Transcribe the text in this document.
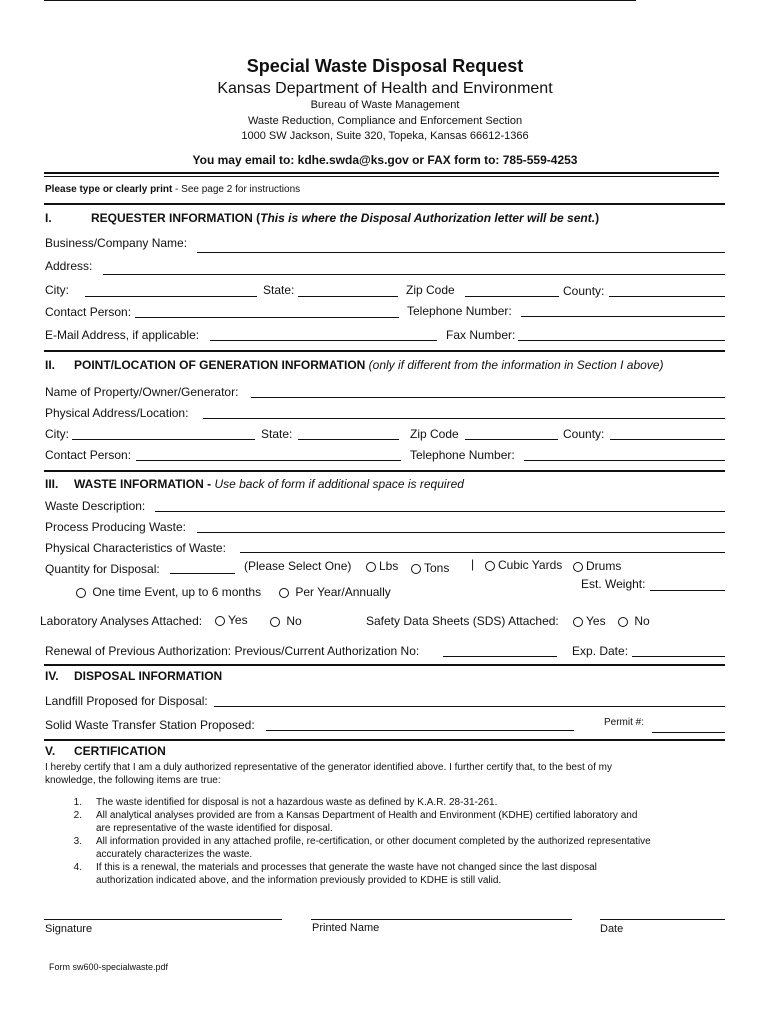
Special Waste Disposal Request
Kansas Department of Health and Environment
Bureau of Waste Management
Waste Reduction, Compliance and Enforcement Section
1000 SW Jackson, Suite 320, Topeka, Kansas 66612-1366
You may email to: kdhe.swda@ks.gov or FAX form to: 785-559-4253
Please type or clearly print - See page 2 for instructions
I.	REQUESTER INFORMATION (This is where the Disposal Authorization letter will be sent.)
Business/Company Name:
Address:
City:	State:	Zip Code	County:
Contact Person:	Telephone Number:
E-Mail Address, if applicable:	Fax Number:
II. POINT/LOCATION OF GENERATION INFORMATION (only if different from the information in Section I above)
Name of Property/Owner/Generator:
Physical Address/Location:
City:	State:	Zip Code	County:
Contact Person:	Telephone Number:
III. WASTE INFORMATION - Use back of form if additional space is required
Waste Description:
Process Producing Waste:
Physical Characteristics of Waste:
Quantity for Disposal:	(Please Select One)	Lbs	Tons |	Cubic Yards	Drums
Est. Weight:
One time Event, up to 6 months	Per Year/Annually
Laboratory Analyses Attached:	Yes	No	Safety Data Sheets (SDS) Attached:	Yes	No
Renewal of Previous Authorization: Previous/Current Authorization No:	Exp. Date:
IV. DISPOSAL INFORMATION
Landfill Proposed for Disposal:
Solid Waste Transfer Station Proposed:	Permit #:
V. CERTIFICATION
I hereby certify that I am a duly authorized representative of the generator identified above. I further certify that, to the best of my
knowledge, the following items are true:
1. The waste identified for disposal is not a hazardous waste as defined by K.A.R. 28-31-261.
2. All analytical analyses provided are from a Kansas Department of Health and Environment (KDHE) certified laboratory and
are representative of the waste identified for disposal.
3. All information provided in any attached profile, re-certification, or other document completed by the authorized representative
accurately characterizes the waste.
4. If this is a renewal, the materials and processes that generate the waste have not changed since the last disposal
authorization indicated above, and the information previously provided to KDHE is still valid.
Signature	Printed Name	Date
Form sw600-specialwaste.pdf
